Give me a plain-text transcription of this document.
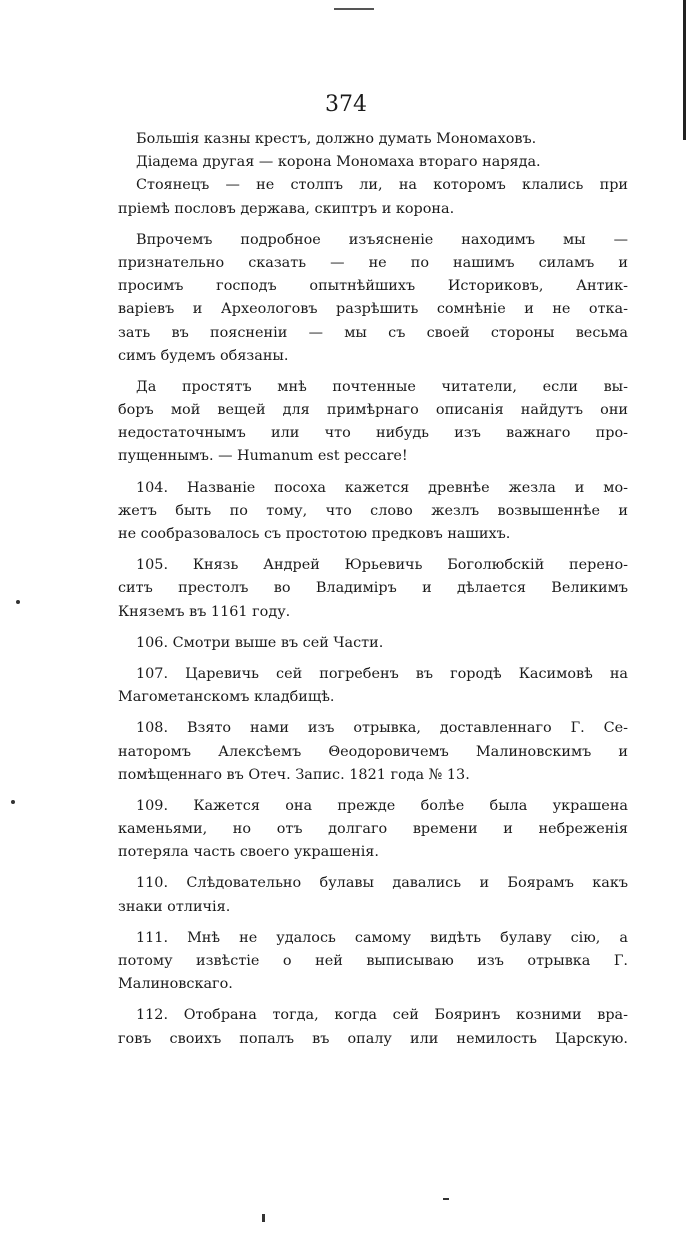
374
Большія казны крестъ, должно думать Мономаховъ.
Діадема другая — корона Мономаха втораго наряда.
Стоянецъ — не столпъ ли, на которомъ клались при
пріемѣ пословъ держава, скиптръ и корона.
Впрочемъ подробное изъясненіе находимъ мы —
признательно сказать — не по нашимъ силамъ и
просимъ господъ опытнѣйшихъ Историковъ, Антик-
варіевъ и Археологовъ разрѣшить сомнѣніе и не откa-
зать въ поясненіи — мы съ своей стороны весьма
симъ будемъ обязаны.
Да простятъ мнѣ почтенные читатели, если вы-
боръ мой вещей для примѣрнаго описанія найдутъ они
недостаточнымъ или что нибудь изъ важнаго про-
пущеннымъ. — Humanum est peccare!
104. Названіе посоха кажется древнѣе жезла и мо-
жетъ быть по тому, что слово жезлъ возвышеннѣе и
не сообразовалось съ простотою предковъ нашихъ.
105. Князь Андрей Юрьевичь Боголюбскій перено-
ситъ престолъ во Владиміръ и дѣлается Великимъ
Княземъ въ 1161 году.
106. Смотри выше въ сей Части.
107. Царевичь сей погребенъ въ городѣ Касимовѣ на
Магометанскомъ кладбищѣ.
108. Взято нами изъ отрывка, доставленнаго Г. Се-
наторомъ Алексѣемъ Θеодоровичемъ Малиновскимъ и
помѣщеннаго въ Отеч. Запис. 1821 года № 13.
109. Кажется она прежде болѣе была украшена
каменьями, но отъ долгаго времени и небреженія
потеряла часть своего украшенія.
110. Слѣдовательно булавы давались и Боярамъ какъ
знаки отличія.
111. Мнѣ не удалось самому видѣть булаву сію, а
потому извѣстіе о ней выписываю изъ отрывка Г.
Малиновскаго.
112. Отобрана тогда, когда сей Бояринъ козними вра-
говъ своихъ попалъ въ опалу или немилость Царскую.
